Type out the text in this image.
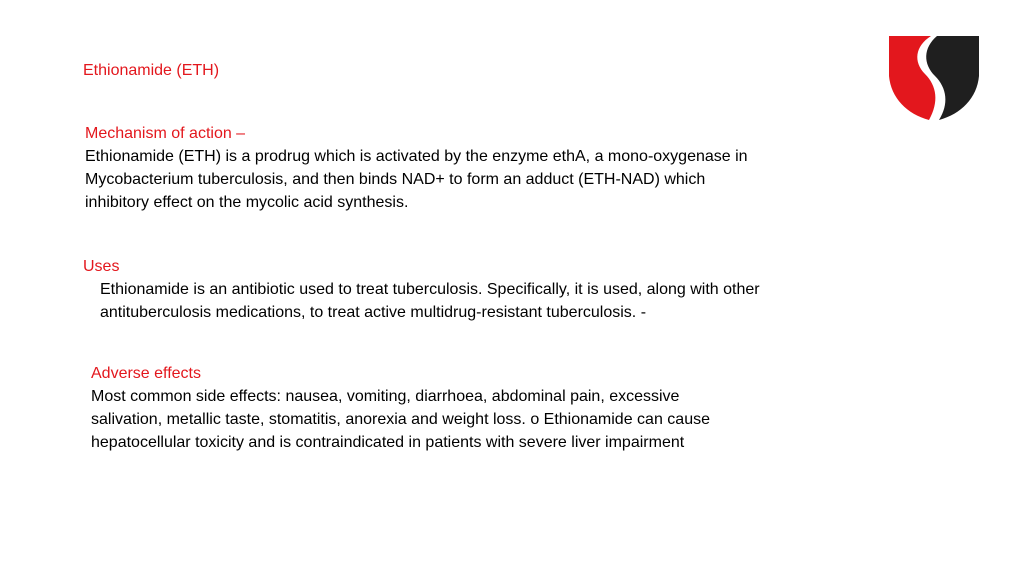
Ethionamide (ETH)
Mechanism of action –
Ethionamide (ETH) is a prodrug which is activated by the enzyme ethA, a mono-oxygenase in
Mycobacterium tuberculosis, and then binds NAD+ to form an adduct (ETH-NAD) which
inhibitory effect on the mycolic acid synthesis.
Uses
Ethionamide is an antibiotic used to treat tuberculosis. Specifically, it is used, along with other
antituberculosis medications, to treat active multidrug-resistant tuberculosis. -
Adverse effects
Most common side effects: nausea, vomiting, diarrhoea, abdominal pain, excessive
salivation, metallic taste, stomatitis, anorexia and weight loss. o Ethionamide can cause
hepatocellular toxicity and is contraindicated in patients with severe liver impairment
